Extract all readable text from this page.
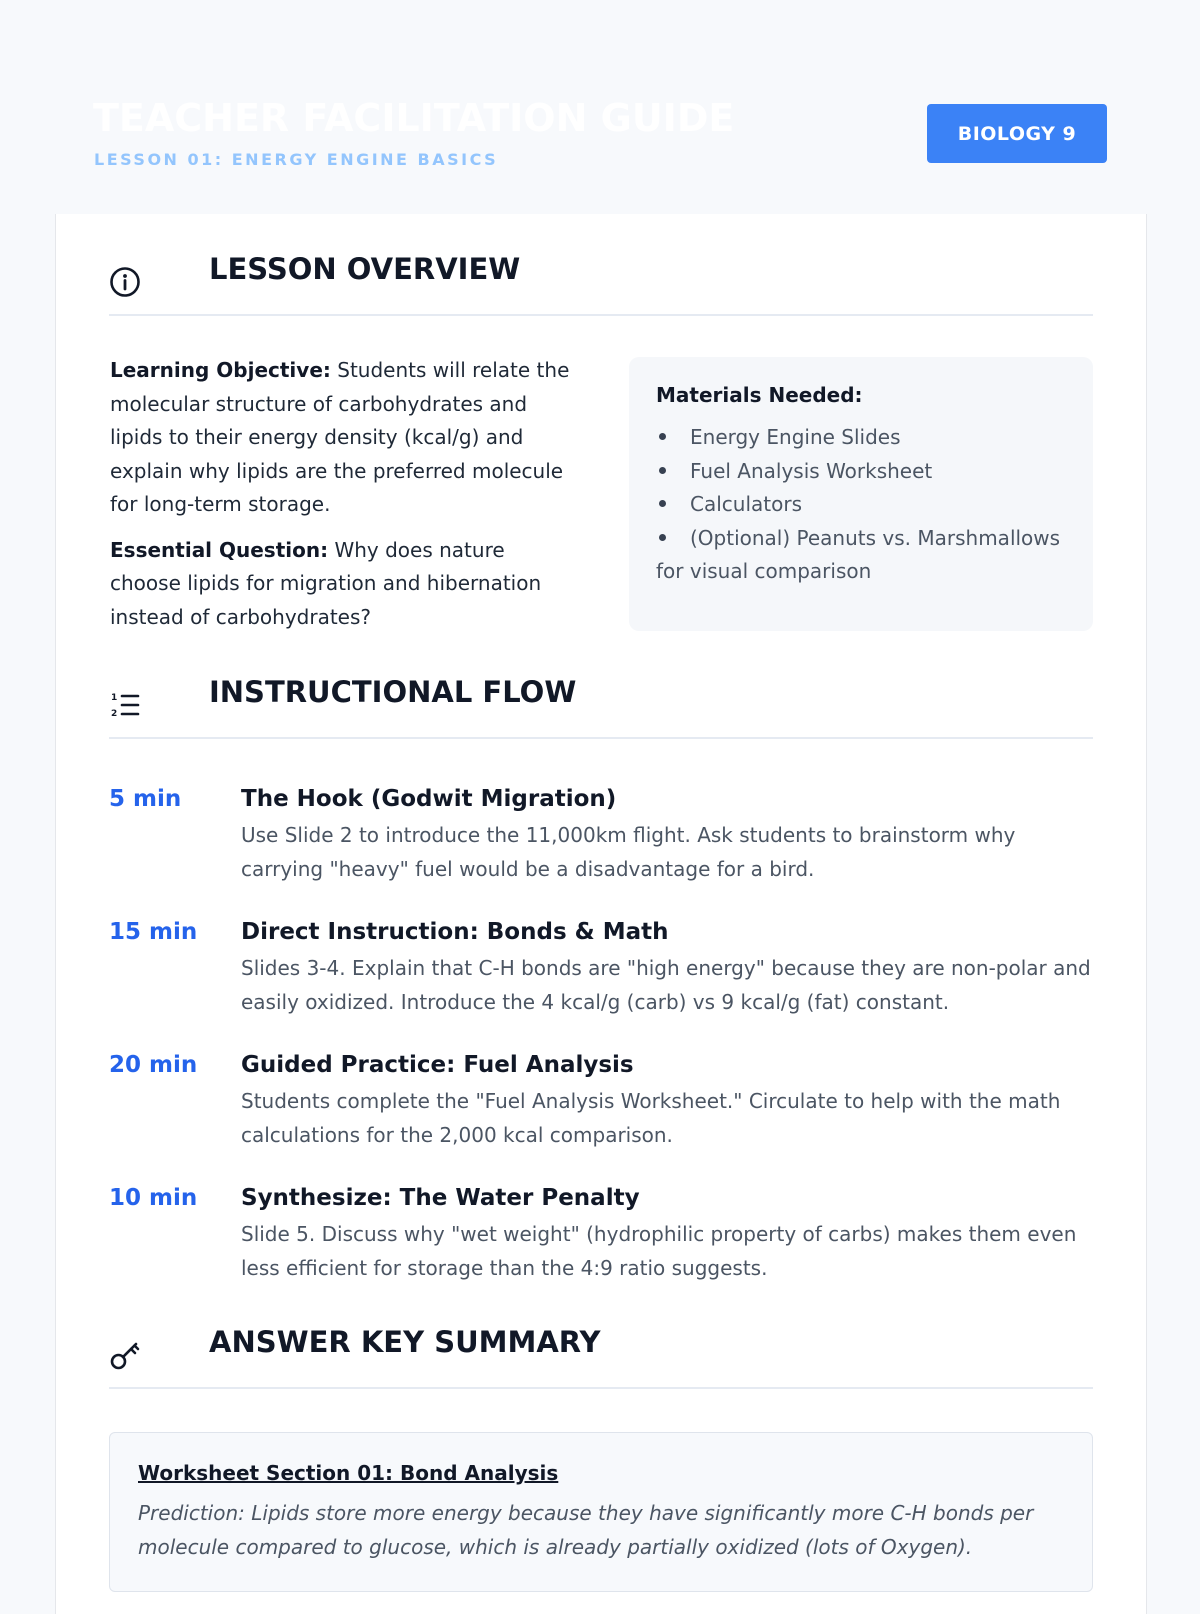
TEACHER FACILITATION GUIDE
LESSON 01: ENERGY ENGINE BASICS
BIOLOGY 9
LESSON OVERVIEW

Learning Objective: Students will relate the molecular structure of carbohydrates and lipids to their energy density (kcal/g) and explain why lipids are the preferred molecule for long-term storage.

Essential Question: Why does nature choose lipids for migration and hibernation instead of carbohydrates?

Materials Needed:
Energy Engine Slides
Fuel Analysis Worksheet
Calculators
(Optional) Peanuts vs. Marshmallows for visual comparison
1
2
INSTRUCTIONAL FLOW
5 min	The Hook (Godwit Migration)
Use Slide 2 to introduce the 11,000km flight. Ask students to brainstorm why carrying "heavy" fuel would be a disadvantage for a bird.
15 min Direct Instruction: Bonds & Math
Slides 3-4. Explain that C-H bonds are "high energy" because they are non-polar and easily oxidized. Introduce the 4 kcal/g (carb) vs 9 kcal/g (fat) constant.
20 min Guided Practice: Fuel Analysis
Students complete the "Fuel Analysis Worksheet." Circulate to help with the math calculations for the 2,000 kcal comparison.
10 min Synthesize: The Water Penalty
Slide 5. Discuss why "wet weight" (hydrophilic property of carbs) makes them even less efficient for storage than the 4:9 ratio suggests.
ANSWER KEY SUMMARY
Worksheet Section 01: Bond Analysis
Prediction: Lipids store more energy because they have significantly more C-H bonds per molecule compared to glucose, which is already partially oxidized (lots of Oxygen).
